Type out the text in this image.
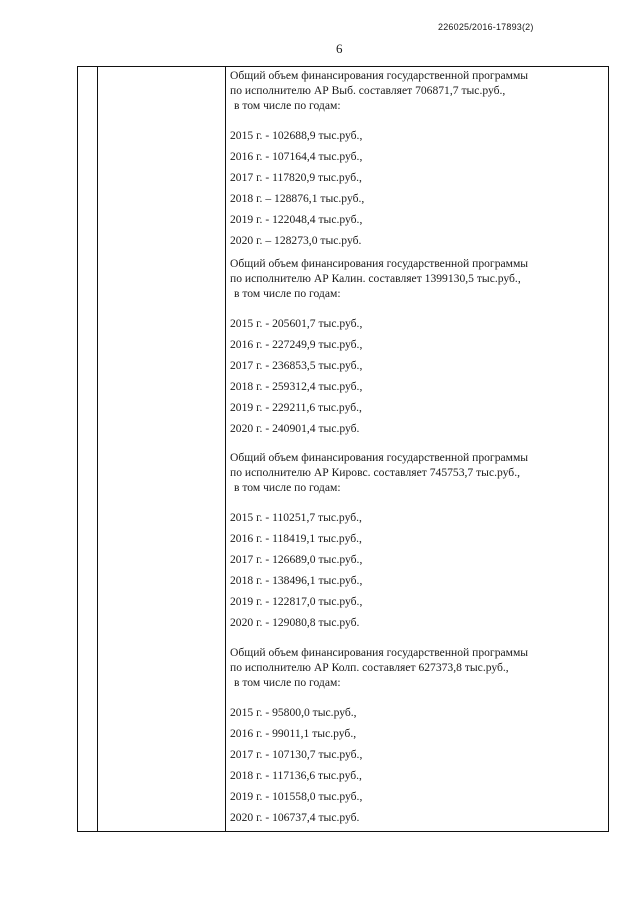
226025/2016-17893(2)
6
Общий объем финансирования государственной программы
по исполнителю АР Выб. составляет 706871,7 тыс.руб.,
в том числе по годам:
2015 г. - 102688,9 тыс.руб.,
2016 г. - 107164,4 тыс.руб.,
2017 г. - 117820,9 тыс.руб.,
2018 г. – 128876,1 тыс.руб.,
2019 г. - 122048,4 тыс.руб.,
2020 г. – 128273,0 тыс.руб.
Общий объем финансирования государственной программы
по исполнителю АР Калин. составляет 1399130,5 тыс.руб.,
в том числе по годам:
2015 г. - 205601,7 тыс.руб.,
2016 г. - 227249,9 тыс.руб.,
2017 г. - 236853,5 тыс.руб.,
2018 г. - 259312,4 тыс.руб.,
2019 г. - 229211,6 тыс.руб.,
2020 г. - 240901,4 тыс.руб.
Общий объем финансирования государственной программы
по исполнителю АР Кировс. составляет 745753,7 тыс.руб.,
в том числе по годам:
2015 г. - 110251,7 тыс.руб.,
2016 г. - 118419,1 тыс.руб.,
2017 г. - 126689,0 тыс.руб.,
2018 г. - 138496,1 тыс.руб.,
2019 г. - 122817,0 тыс.руб.,
2020 г. - 129080,8 тыс.руб.
Общий объем финансирования государственной программы
по исполнителю АР Колп. составляет 627373,8 тыс.руб.,
в том числе по годам:
2015 г. - 95800,0 тыс.руб.,
2016 г. - 99011,1 тыс.руб.,
2017 г. - 107130,7 тыс.руб.,
2018 г. - 117136,6 тыс.руб.,
2019 г. - 101558,0 тыс.руб.,
2020 г. - 106737,4 тыс.руб.
